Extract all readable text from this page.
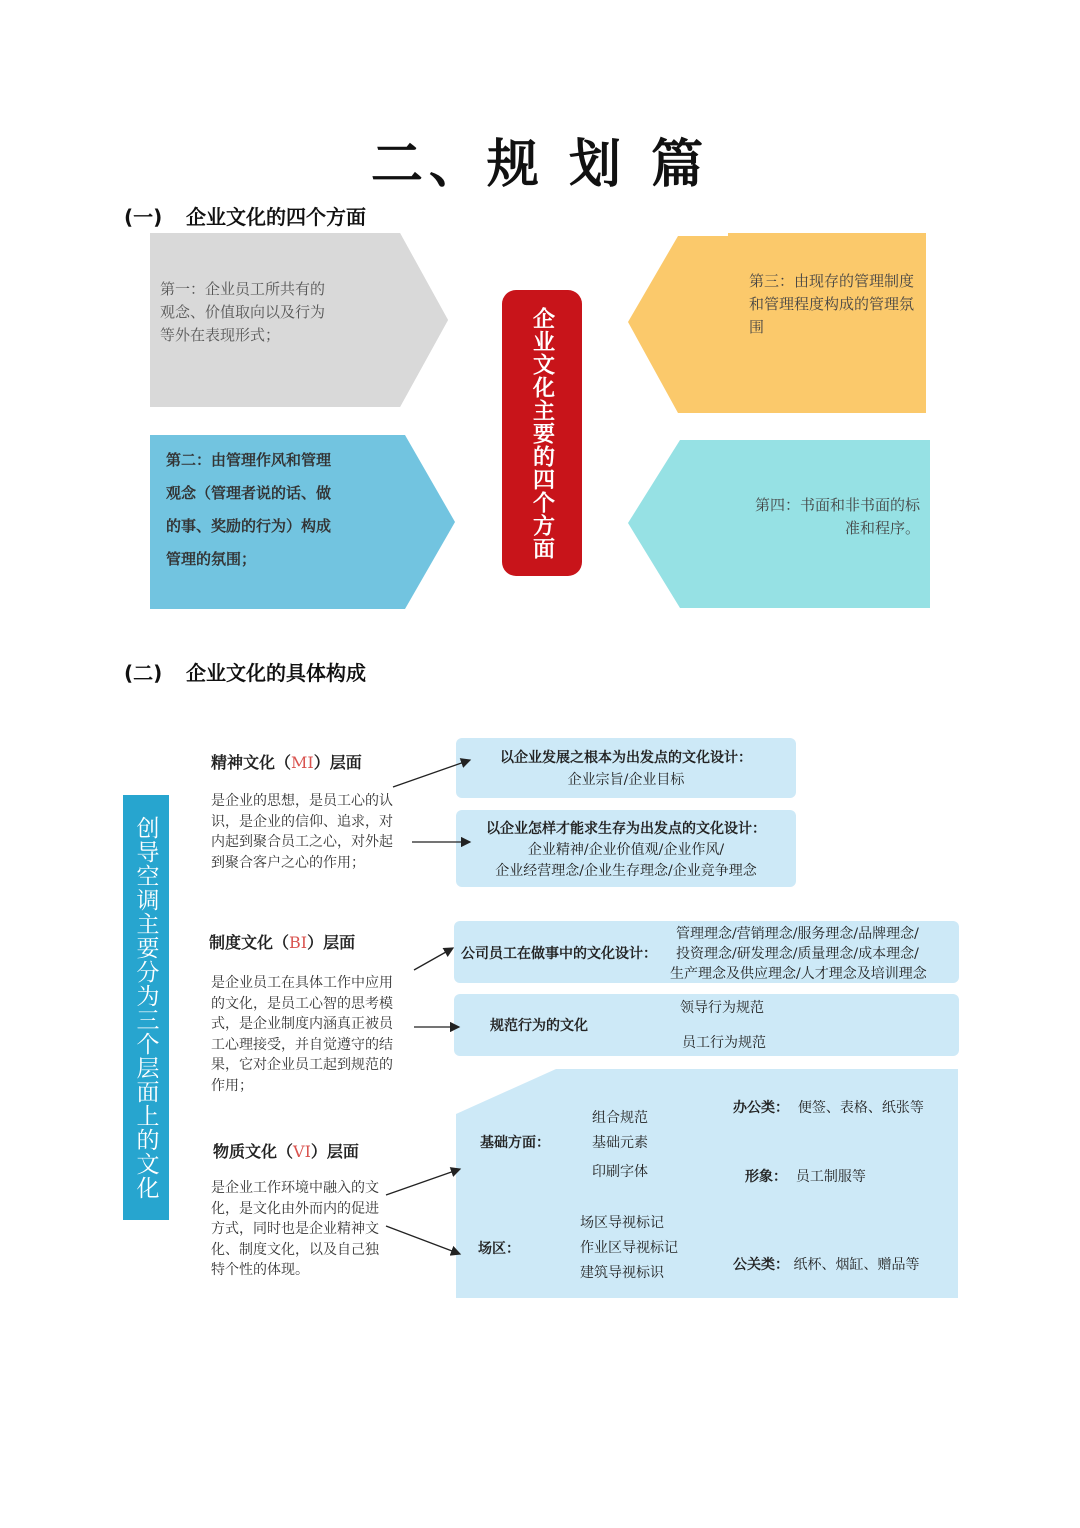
二、规 划 篇
(一) 企业文化的四个方面
第一：企业员工所共有的观念、价值取向以及行为等外在表现形式；
第二：由管理作风和管理观念（管理者说的话、做的事、奖励的行为）构成管理的氛围；
第三：由现存的管理制度和管理程度构成的管理氛围
第四：书面和非书面的标准和程序。
企业文化主要的四个方面
(二) 企业文化的具体构成
创导空调主要分为三个层面上的文化
精神文化（MI）层面
是企业的思想，是员工心的认识，是企业的信仰、追求，对内起到聚合员工之心，对外起到聚合客户之心的作用；
以企业发展之根本为出发点的文化设计：
企业宗旨/企业目标
以企业怎样才能求生存为出发点的文化设计：
企业精神/企业价值观/企业作风/
企业经营理念/企业生存理念/企业竞争理念
制度文化（BI）层面
是企业员工在具体工作中应用的文化，是员工心智的思考模式，是企业制度内涵真正被员工心理接受，并自觉遵守的结果，它对企业员工起到规范的作用；
公司员工在做事中的文化设计：
管理理念/营销理念/服务理念/品牌理念/
投资理念/研发理念/质量理念/成本理念/
生产理念及供应理念/人才理念及培训理念
规范行为的文化
领导行为规范
员工行为规范
物质文化（VI）层面
是企业工作环境中融入的文化，是文化由外而内的促进方式，同时也是企业精神文化、制度文化，以及自己独特个性的体现。
基础方面：
组合规范
基础元素
印刷字体
场区：
场区导视标记
作业区导视标记
建筑导视标识
办公类： 便签、表格、纸张等
形象： 员工制服等
公关类： 纸杯、烟缸、赠品等
